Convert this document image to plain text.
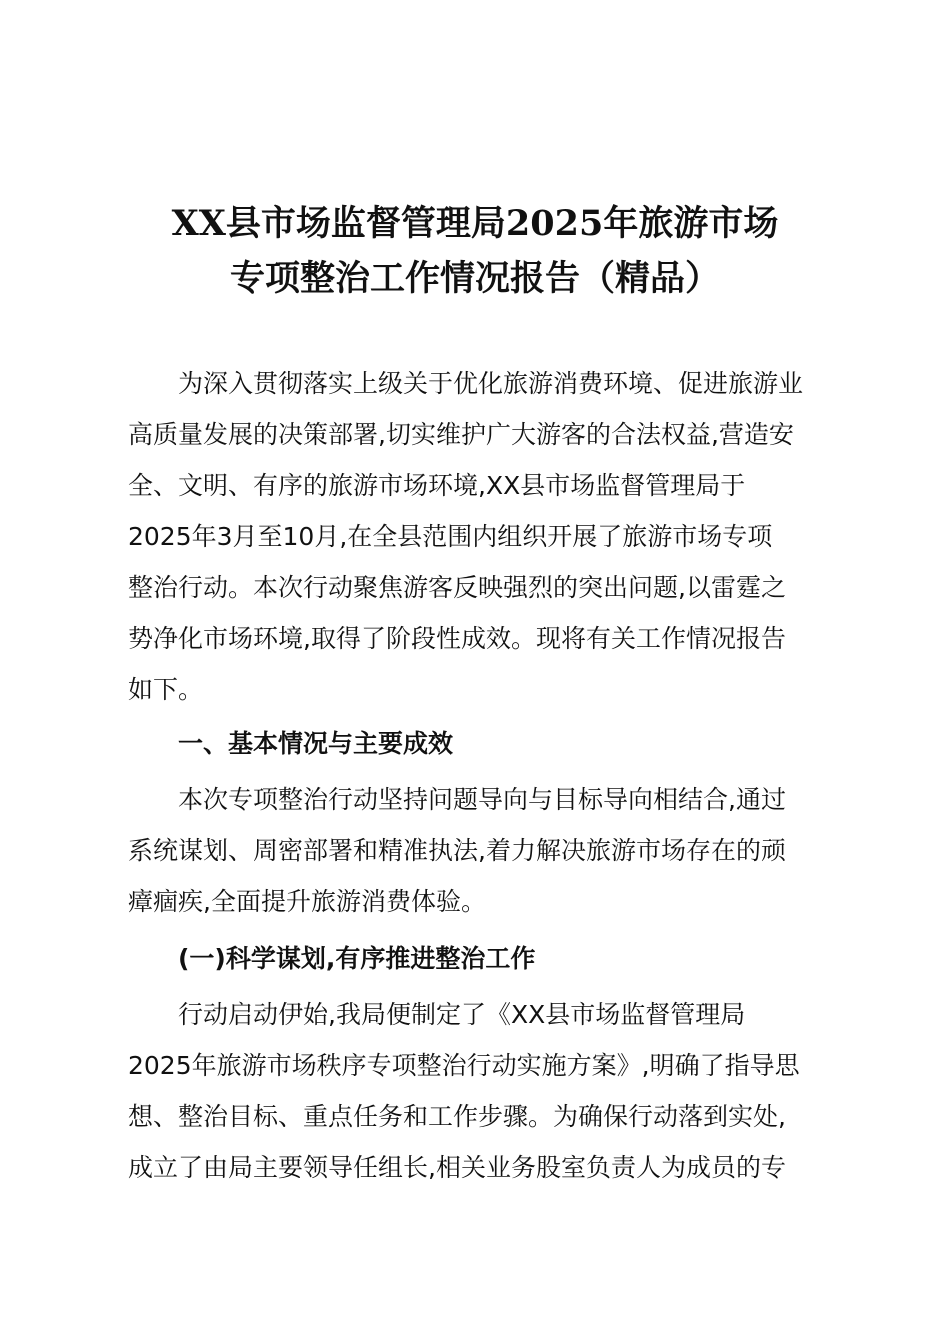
XX县市场监督管理局2025年旅游市场
专项整治工作情况报告（精品）
为深入贯彻落实上级关于优化旅游消费环境、促进旅游业
高质量发展的决策部署,切实维护广大游客的合法权益,营造安
全、文明、有序的旅游市场环境,XX县市场监督管理局于
2025年3月至10月,在全县范围内组织开展了旅游市场专项
整治行动。本次行动聚焦游客反映强烈的突出问题,以雷霆之
势净化市场环境,取得了阶段性成效。现将有关工作情况报告
如下。
一、基本情况与主要成效
本次专项整治行动坚持问题导向与目标导向相结合,通过
系统谋划、周密部署和精准执法,着力解决旅游市场存在的顽
瘴痼疾,全面提升旅游消费体验。
(一)科学谋划,有序推进整治工作
行动启动伊始,我局便制定了《XX县市场监督管理局
2025年旅游市场秩序专项整治行动实施方案》,明确了指导思
想、整治目标、重点任务和工作步骤。为确保行动落到实处,
成立了由局主要领导任组长,相关业务股室负责人为成员的专
